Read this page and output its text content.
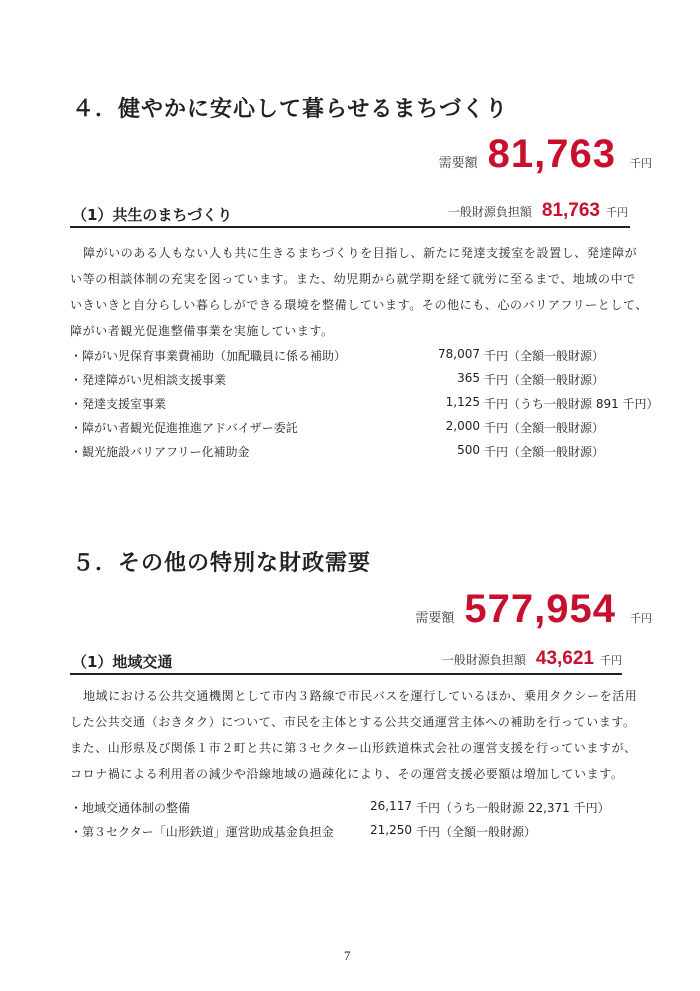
４．健やかに安心して暮らせるまちづくり
需要額 81,763 千円
（1）共生のまちづくり	一般財源負担額 81,763 千円
障がいのある人もない人も共に生きるまちづくりを目指し、新たに発達支援室を設置し、発達障がい等の相談体制の充実を図っています。また、幼児期から就学期を経て就労に至るまで、地域の中でいきいきと自分らしい暮らしができる環境を整備しています。その他にも、心のバリアフリーとして、障がい者観光促進整備事業を実施しています。
・障がい児保育事業費補助（加配職員に係る補助）	78,007 千円（全額一般財源）
・発達障がい児相談支援事業	365 千円（全額一般財源）
・発達支援室事業	1,125 千円（うち一般財源 891 千円）
・障がい者観光促進推進アドバイザー委託	2,000 千円（全額一般財源）
・観光施設バリアフリー化補助金	500 千円（全額一般財源）
５．その他の特別な財政需要
需要額 577,954 千円
（1）地域交通	一般財源負担額 43,621 千円
地域における公共交通機関として市内３路線で市民バスを運行しているほか、乗用タクシーを活用した公共交通（おきタク）について、市民を主体とする公共交通運営主体への補助を行っています。また、山形県及び関係１市２町と共に第３セクター山形鉄道株式会社の運営支援を行っていますが、コロナ禍による利用者の減少や沿線地域の過疎化により、その運営支援必要額は増加しています。
・地域交通体制の整備	26,117 千円（うち一般財源 22,371 千円）
・第３セクター「山形鉄道」運営助成基金負担金	21,250 千円（全額一般財源）
7
